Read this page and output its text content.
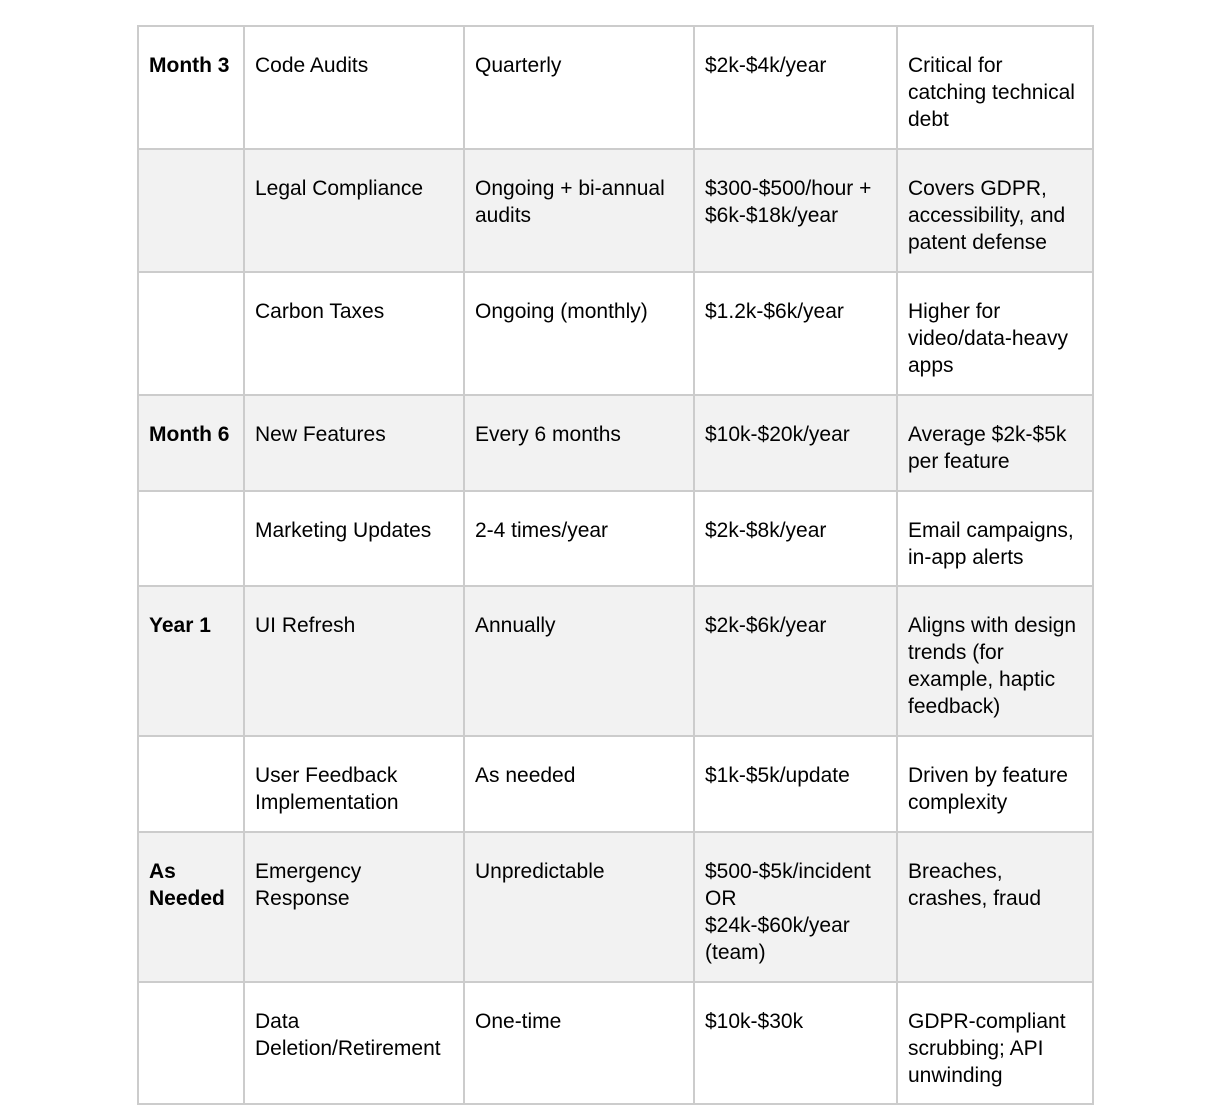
Month 3	Code Audits	Quarterly	$2k-$4k/year	Critical for catching technical debt
	Legal Compliance	Ongoing + bi-annual audits	$300-$500/hour + $6k-$18k/year	Covers GDPR, accessibility, and patent defense
	Carbon Taxes	Ongoing (monthly)	$1.2k-$6k/year	Higher for video/data-heavy apps
Month 6	New Features	Every 6 months	$10k-$20k/year	Average $2k-$5k per feature
	Marketing Updates	2-4 times/year	$2k-$8k/year	Email campaigns, in-app alerts
Year 1	UI Refresh	Annually	$2k-$6k/year	Aligns with design trends (for example, haptic feedback)
	User Feedback Implementation	As needed	$1k-$5k/update	Driven by feature complexity
As Needed	Emergency Response	Unpredictable	$500-$5k/incident OR $24k-$60k/year (team)	Breaches, crashes, fraud
	Data Deletion/Retirement	One-time	$10k-$30k	GDPR-compliant scrubbing; API unwinding
